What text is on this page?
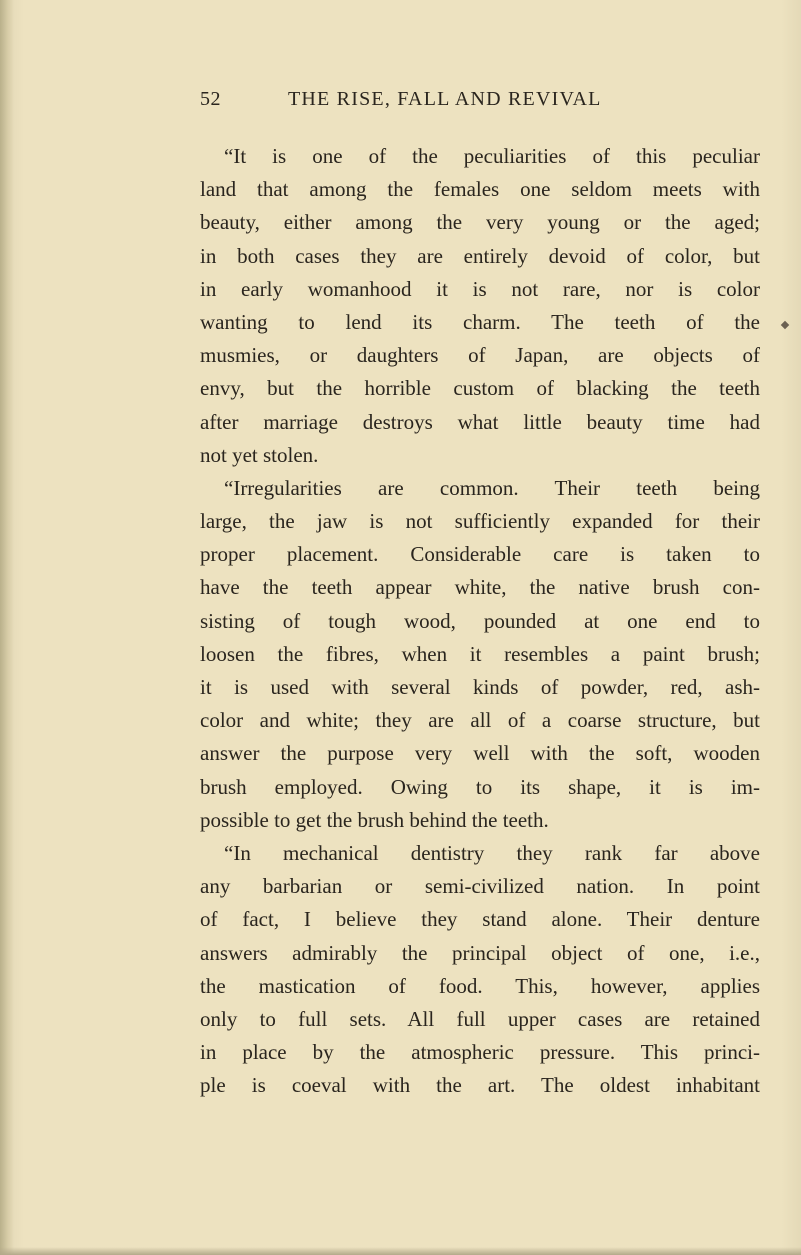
52	THE RISE, FALL AND REVIVAL
“It is one of the peculiarities of this peculiar
land that among the females one seldom meets with
beauty, either among the very young or the aged;
in both cases they are entirely devoid of color, but
in early womanhood it is not rare, nor is color
wanting to lend its charm. The teeth of the
musmies, or daughters of Japan, are objects of
envy, but the horrible custom of blacking the teeth
after marriage destroys what little beauty time had
not yet stolen.
“Irregularities are common. Their teeth being
large, the jaw is not sufficiently expanded for their
proper placement. Considerable care is taken to
have the teeth appear white, the native brush con-
sisting of tough wood, pounded at one end to
loosen the fibres, when it resembles a paint brush;
it is used with several kinds of powder, red, ash-
color and white; they are all of a coarse structure, but
answer the purpose very well with the soft, wooden
brush employed. Owing to its shape, it is im-
possible to get the brush behind the teeth.
“In mechanical dentistry they rank far above
any barbarian or semi-civilized nation. In point
of fact, I believe they stand alone. Their denture
answers admirably the principal object of one, i.e.,
the mastication of food. This, however, applies
only to full sets. All full upper cases are retained
in place by the atmospheric pressure. This princi-
ple is coeval with the art. The oldest inhabitant
